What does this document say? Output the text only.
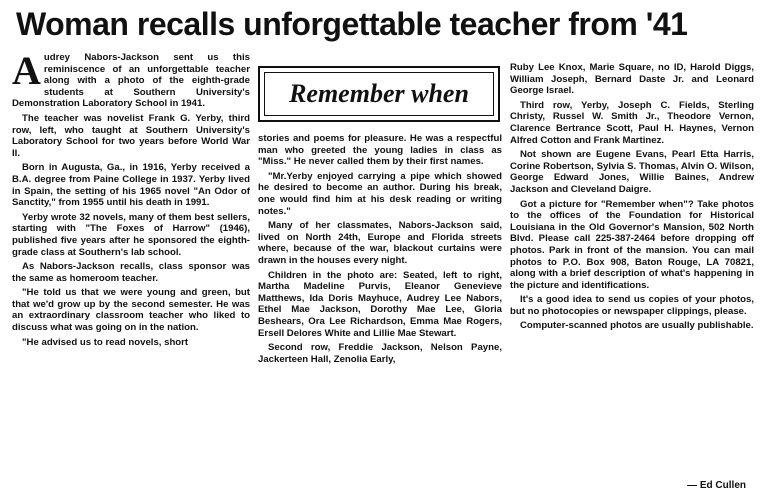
Woman recalls unforgettable teacher from '41

Audrey Nabors-Jackson sent us this reminiscence of an unforgettable teacher along with a photo of the eighth-grade students at Southern University's Demonstration Laboratory School in 1941.

The teacher was novelist Frank G. Yerby, third row, left, who taught at Southern University's Laboratory School for two years before World War II.

Born in Augusta, Ga., in 1916, Yerby received a B.A. degree from Paine College in 1937. Yerby lived in Spain, the setting of his 1965 novel "An Odor of Sanctity," from 1955 until his death in 1991.

Yerby wrote 32 novels, many of them best sellers, starting with "The Foxes of Harrow" (1946), published five years after he sponsored the eighth-grade class at Southern's lab school.

As Nabors-Jackson recalls, class sponsor was the same as homeroom teacher.

"He told us that we were young and green, but that we'd grow up by the second semester. He was an extraordinary classroom teacher who liked to discuss what was going on in the nation.

"He advised us to read novels, short

Remember when

stories and poems for pleasure. He was a respectful man who greeted the young ladies in class as "Miss." He never called them by their first names.

"Mr.Yerby enjoyed carrying a pipe which showed he desired to become an author. During his break, one would find him at his desk reading or writing notes."

Many of her classmates, Nabors-Jackson said, lived on North 24th, Europe and Florida streets where, because of the war, blackout curtains were drawn in the houses every night.

Children in the photo are: Seated, left to right, Martha Madeline Purvis, Eleanor Genevieve Matthews, Ida Doris Mayhuce, Audrey Lee Nabors, Ethel Mae Jackson, Dorothy Mae Lee, Gloria Beshears, Ora Lee Richardson, Emma Mae Rogers, Ersell Delores White and Lillie Mae Stewart.

Second row, Freddie Jackson, Nelson Payne, Jackerteen Hall, Zenolia Early,

Ruby Lee Knox, Marie Square, no ID, Harold Diggs, William Joseph, Bernard Daste Jr. and Leonard George Israel.

Third row, Yerby, Joseph C. Fields, Sterling Christy, Russel W. Smith Jr., Theodore Vernon, Clarence Bertrance Scott, Paul H. Haynes, Vernon Alfred Cotton and Frank Martinez.

Not shown are Eugene Evans, Pearl Etta Harris, Corine Robertson, Sylvia S. Thomas, Alvin O. Wilson, George Edward Jones, Willie Baines, Andrew Jackson and Cleveland Daigre.

Got a picture for "Remember when"? Take photos to the offices of the Foundation for Historical Louisiana in the Old Governor's Mansion, 502 North Blvd. Please call 225-387-2464 before dropping off photos. Park in front of the mansion. You can mail photos to P.O. Box 908, Baton Rouge, LA 70821, along with a brief description of what's happening in the picture and identifications.

It's a good idea to send us copies of your photos, but no photocopies or newspaper clippings, please.

Computer-scanned photos are usually publishable.

— Ed Cullen
